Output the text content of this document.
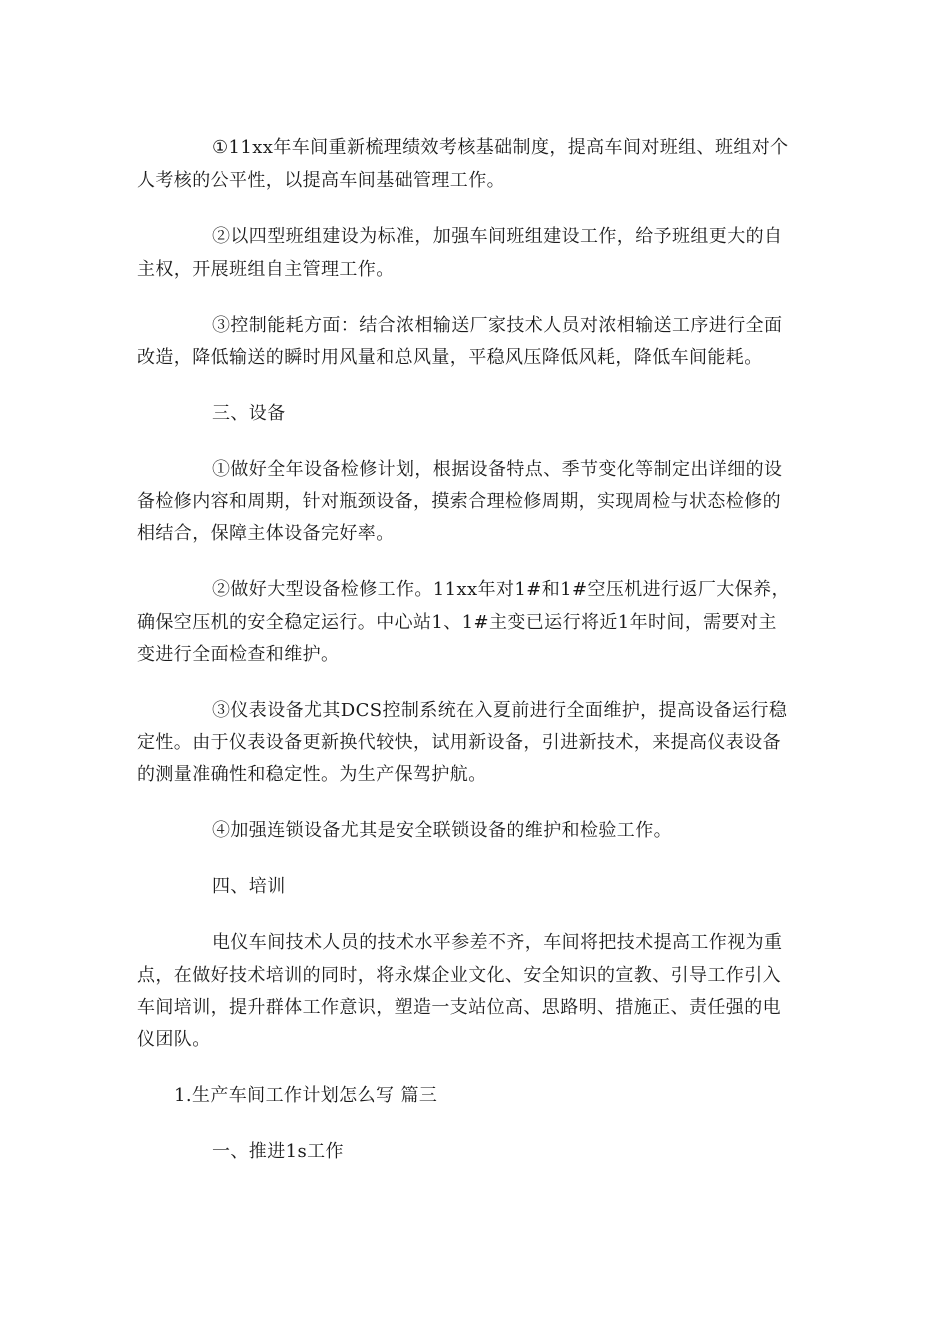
①11xx年车间重新梳理绩效考核基础制度，提高车间对班组、班组对个
人考核的公平性，以提高车间基础管理工作。
②以四型班组建设为标准，加强车间班组建设工作，给予班组更大的自
主权，开展班组自主管理工作。
③控制能耗方面：结合浓相输送厂家技术人员对浓相输送工序进行全面
改造，降低输送的瞬时用风量和总风量，平稳风压降低风耗，降低车间能耗。
三、设备
①做好全年设备检修计划，根据设备特点、季节变化等制定出详细的设
备检修内容和周期，针对瓶颈设备，摸索合理检修周期，实现周检与状态检修的
相结合，保障主体设备完好率。
②做好大型设备检修工作。11xx年对1#和1#空压机进行返厂大保养，
确保空压机的安全稳定运行。中心站1、1#主变已运行将近1年时间，需要对主
变进行全面检查和维护。
③仪表设备尤其DCS控制系统在入夏前进行全面维护，提高设备运行稳
定性。由于仪表设备更新换代较快，试用新设备，引进新技术，来提高仪表设备
的测量准确性和稳定性。为生产保驾护航。
④加强连锁设备尤其是安全联锁设备的维护和检验工作。
四、培训
电仪车间技术人员的技术水平参差不齐，车间将把技术提高工作视为重
点，在做好技术培训的同时，将永煤企业文化、安全知识的宣教、引导工作引入
车间培训，提升群体工作意识，塑造一支站位高、思路明、措施正、责任强的电
仪团队。
1.生产车间工作计划怎么写 篇三
一、推进1s工作
